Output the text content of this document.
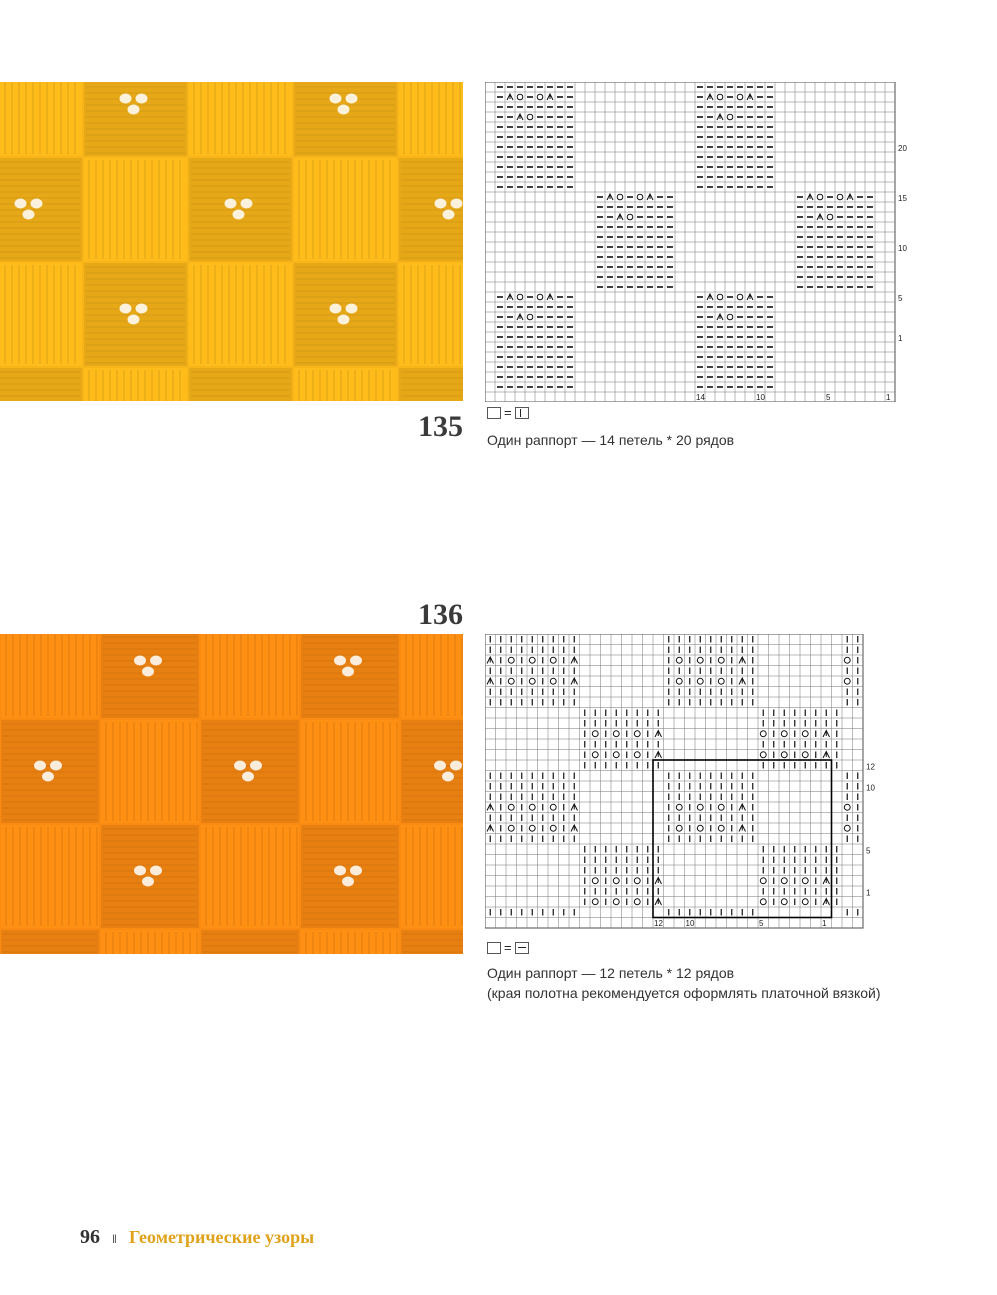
135
20
15
10
5
1
14	10	5	1
=
Один раппорт — 14 петель * 20 рядов
136
12
10
5
1
12	10	5	1
=
Один раппорт — 12 петель * 12 рядов
(края полотна рекомендуется оформлять платочной вязкой)
96 ǁ Геометрические узоры
